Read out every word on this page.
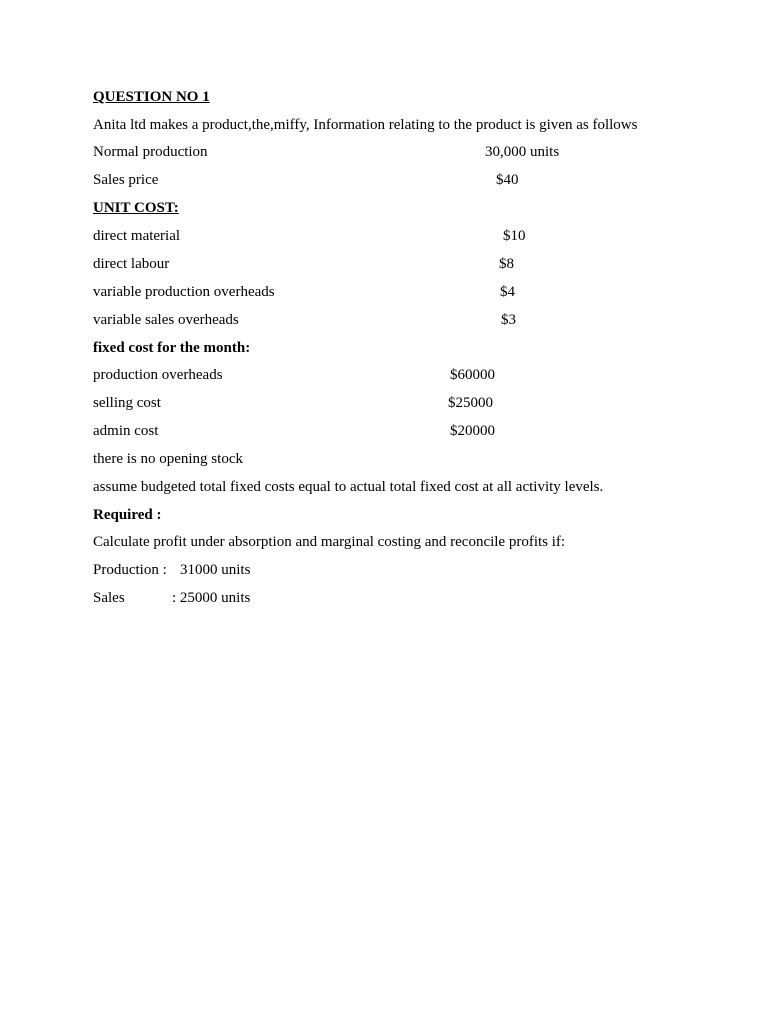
QUESTION NO 1
Anita ltd makes a product,the,miffy, Information relating to the product is given as follows
Normal production	30,000 units
Sales price	$40
UNIT COST:
direct material	$10
direct labour	$8
variable production overheads	$4
variable sales overheads	$3
fixed cost for the month:
production overheads	$60000
selling cost	$25000
admin cost	$20000
there is no opening stock
assume budgeted total fixed costs equal to actual total fixed cost at all activity levels.
Required :
Calculate profit under absorption and marginal costing and reconcile profits if:
Production : 31000 units
Sales	: 25000 units
